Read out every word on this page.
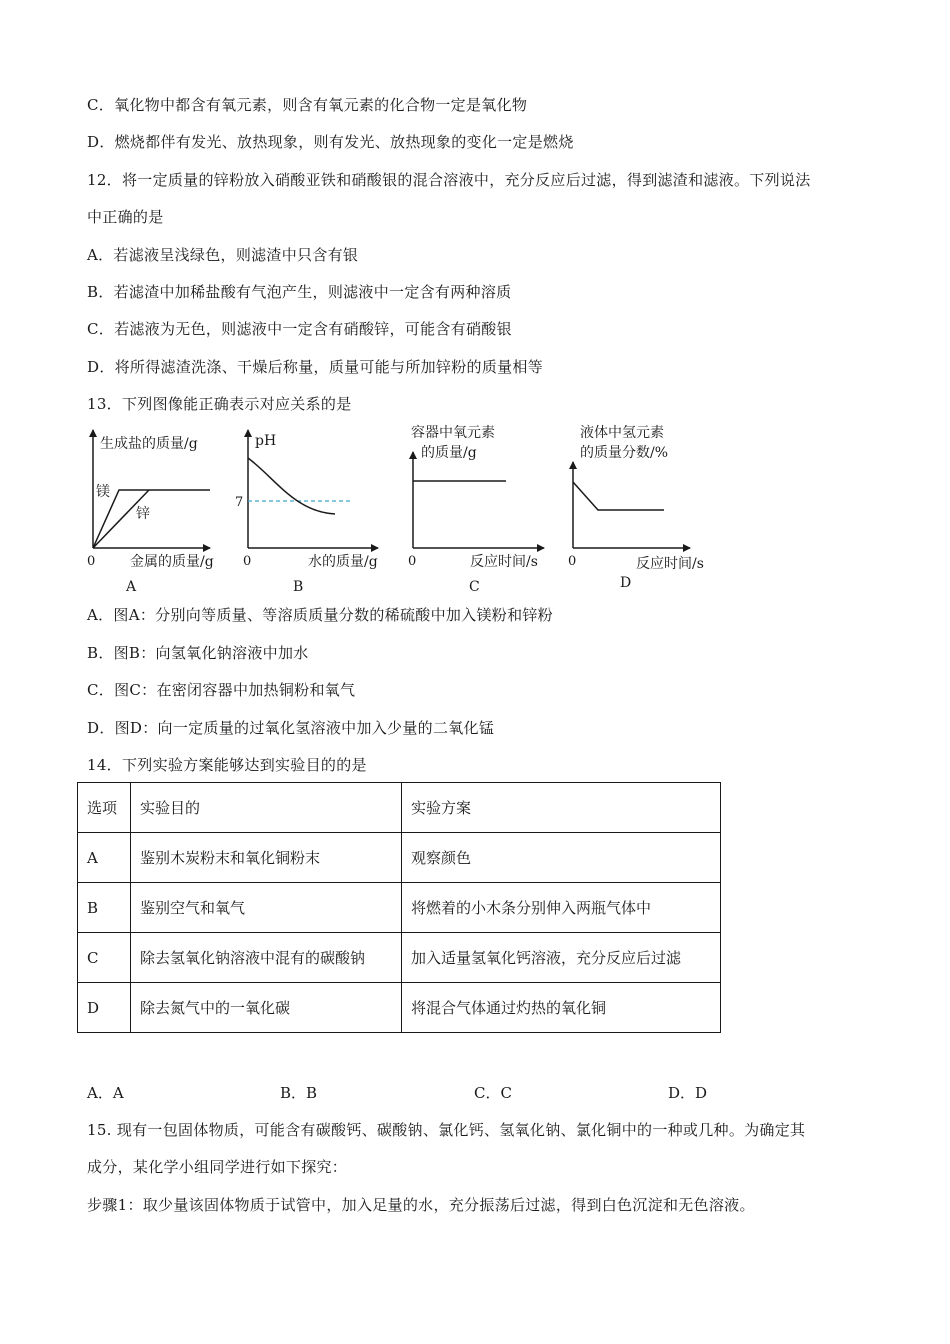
C．氧化物中都含有氧元素，则含有氧元素的化合物一定是氧化物
D．燃烧都伴有发光、放热现象，则有发光、放热现象的变化一定是燃烧
12．将一定质量的锌粉放入硝酸亚铁和硝酸银的混合溶液中，充分反应后过滤，得到滤渣和滤液。下列说法
中正确的是
A．若滤液呈浅绿色，则滤渣中只含有银
B．若滤渣中加稀盐酸有气泡产生，则滤液中一定含有两种溶质
C．若滤液为无色，则滤液中一定含有硝酸锌，可能含有硝酸银
D．将所得滤渣洗涤、干燥后称量，质量可能与所加锌粉的质量相等
13．下列图像能正确表示对应关系的是
生成盐的质量/g
镁
锌
0 金属的质量/g
A
pH
7
0	水的质量/g
B
容器中氧元素
的质量/g
0	反应时间/s
C
液体中氢元素
的质量分数/%
0	反应时间/s
D
A．图A：分别向等质量、等溶质质量分数的稀硫酸中加入镁粉和锌粉
B．图B：向氢氧化钠溶液中加水
C．图C：在密闭容器中加热铜粉和氧气
D．图D：向一定质量的过氧化氢溶液中加入少量的二氧化锰
14．下列实验方案能够达到实验目的的是
选项	实验目的	实验方案
A	鉴别木炭粉末和氧化铜粉末	观察颜色
B	鉴别空气和氧气	将燃着的小木条分别伸入两瓶气体中
C	除去氢氧化钠溶液中混有的碳酸钠	加入适量氢氧化钙溶液，充分反应后过滤
D	除去氮气中的一氧化碳	将混合气体通过灼热的氧化铜
A．A	B．B	C．C	D．D
15. 现有一包固体物质，可能含有碳酸钙、碳酸钠、氯化钙、氢氧化钠、氯化铜中的一种或几种。为确定其
成分，某化学小组同学进行如下探究：
步骤1：取少量该固体物质于试管中，加入足量的水，充分振荡后过滤，得到白色沉淀和无色溶液。
